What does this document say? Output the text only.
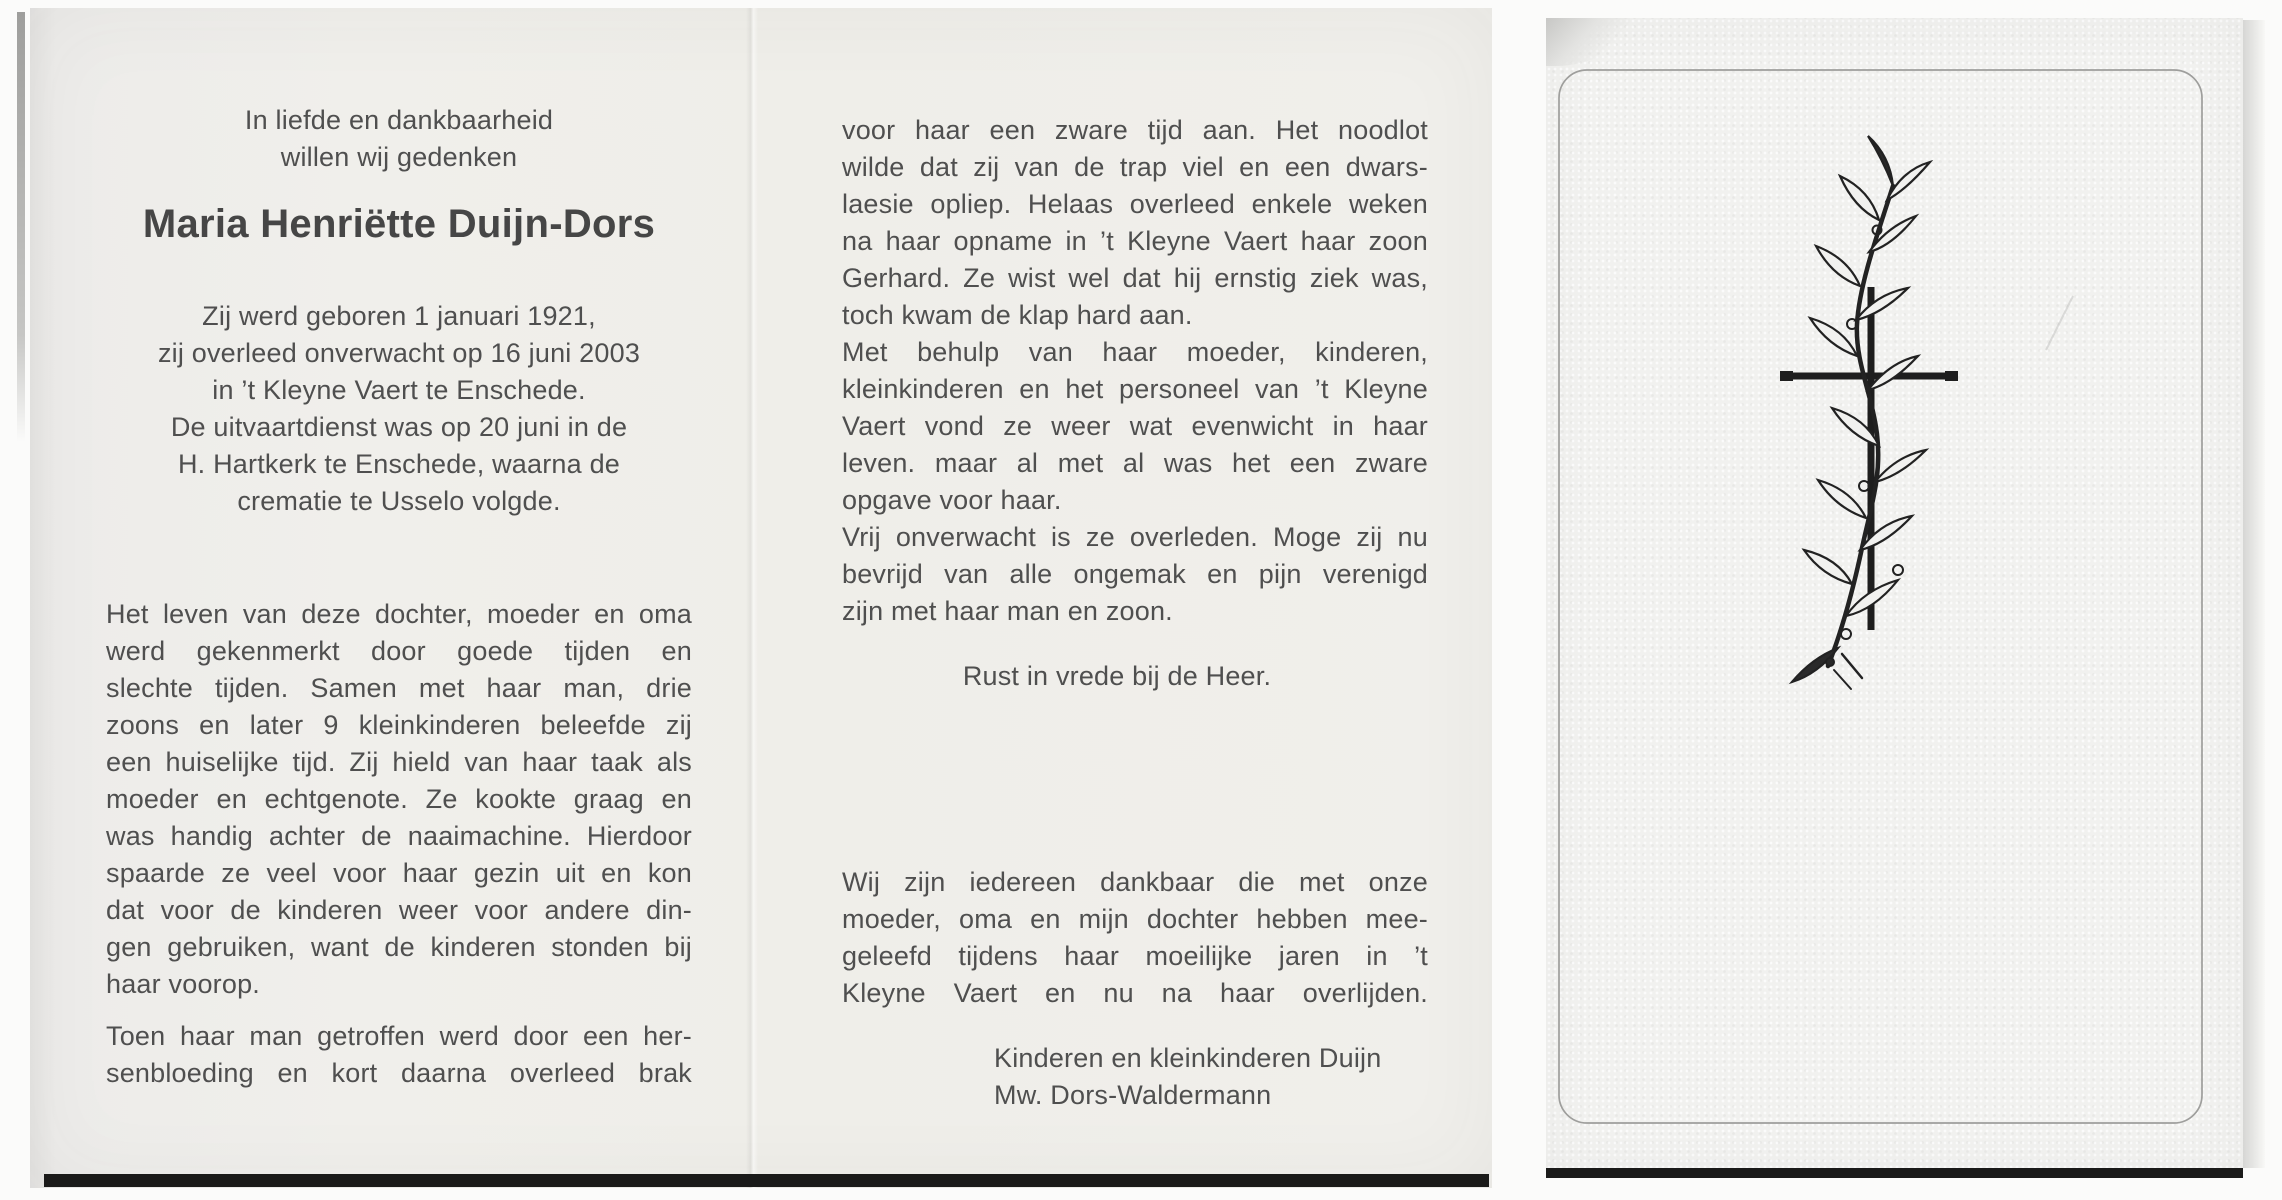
In liefde en dankbaarheid
willen wij gedenken
Maria Henriëtte Duijn-Dors
Zij werd geboren 1 januari 1921,
zij overleed onverwacht op 16 juni 2003
in ’t Kleyne Vaert te Enschede.
De uitvaartdienst was op 20 juni in de
H. Hartkerk te Enschede, waarna de
crematie te Usselo volgde.
Het leven van deze dochter, moeder en oma
werd gekenmerkt door goede tijden en
slechte tijden. Samen met haar man, drie
zoons en later 9 kleinkinderen beleefde zij
een huiselijke tijd. Zij hield van haar taak als
moeder en echtgenote. Ze kookte graag en
was handig achter de naaimachine. Hierdoor
spaarde ze veel voor haar gezin uit en kon
dat voor de kinderen weer voor andere din-
gen gebruiken, want de kinderen stonden bij
haar voorop.
Toen haar man getroffen werd door een her-
senbloeding en kort daarna overleed brak
voor haar een zware tijd aan. Het noodlot
wilde dat zij van de trap viel en een dwars-
laesie opliep. Helaas overleed enkele weken
na haar opname in ’t Kleyne Vaert haar zoon
Gerhard. Ze wist wel dat hij ernstig ziek was,
toch kwam de klap hard aan.
Met behulp van haar moeder, kinderen,
kleinkinderen en het personeel van ’t Kleyne
Vaert vond ze weer wat evenwicht in haar
leven. maar al met al was het een zware
opgave voor haar.
Vrij onverwacht is ze overleden. Moge zij nu
bevrijd van alle ongemak en pijn verenigd
zijn met haar man en zoon.
Rust in vrede bij de Heer.
Wij zijn iedereen dankbaar die met onze
moeder, oma en mijn dochter hebben mee-
geleefd tijdens haar moeilijke jaren in ’t
Kleyne Vaert en nu na haar overlijden.

Kinderen en kleinkinderen Duijn
Mw. Dors-Waldermann
